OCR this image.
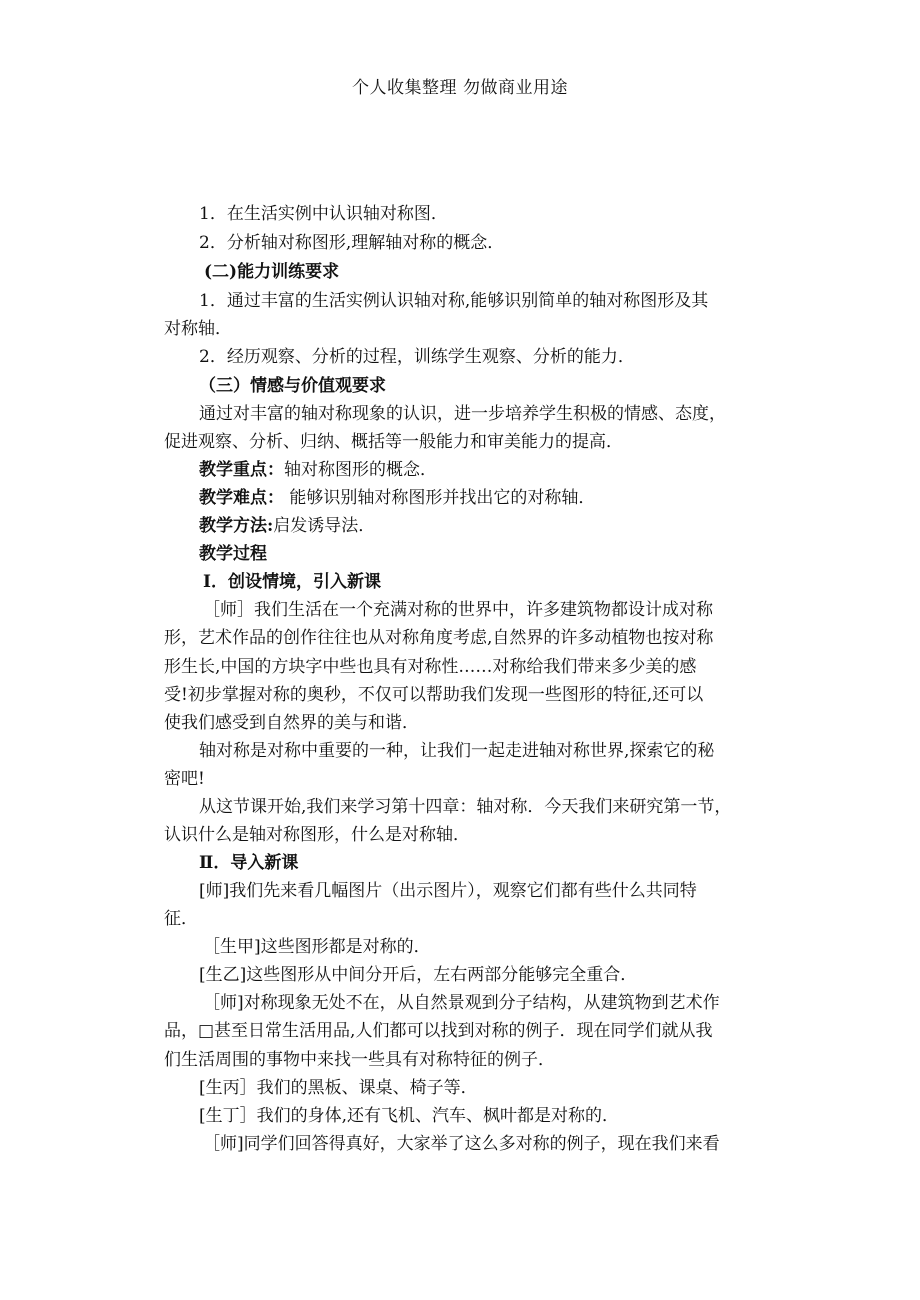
个人收集整理 勿做商业用途
1．在生活实例中认识轴对称图．
2．分析轴对称图形,理解轴对称的概念．
(二)能力训练要求
1．通过丰富的生活实例认识轴对称,能够识别简单的轴对称图形及其
对称轴．
2．经历观察、分析的过程，训练学生观察、分析的能力．
（三）情感与价值观要求
通过对丰富的轴对称现象的认识，进一步培养学生积极的情感、态度，
促进观察、分析、归纳、概括等一般能力和审美能力的提高．
教学重点：轴对称图形的概念．
教学难点： 能够识别轴对称图形并找出它的对称轴．
教学方法:启发诱导法．
教学过程
Ⅰ．创设情境，引入新课
［师］我们生活在一个充满对称的世界中，许多建筑物都设计成对称
形，艺术作品的创作往往也从对称角度考虑,自然界的许多动植物也按对称
形生长,中国的方块字中些也具有对称性……对称给我们带来多少美的感
受!初步掌握对称的奥秒，不仅可以帮助我们发现一些图形的特征,还可以
使我们感受到自然界的美与和谐．
轴对称是对称中重要的一种，让我们一起走进轴对称世界,探索它的秘
密吧!
从这节课开始,我们来学习第十四章：轴对称．今天我们来研究第一节，
认识什么是轴对称图形，什么是对称轴．
Ⅱ．导入新课
[师]我们先来看几幅图片（出示图片），观察它们都有些什么共同特
征．
［生甲]这些图形都是对称的．
[生乙]这些图形从中间分开后，左右两部分能够完全重合．
［师]对称现象无处不在，从自然景观到分子结构，从建筑物到艺术作
品，□甚至日常生活用品,人们都可以找到对称的例子．现在同学们就从我
们生活周围的事物中来找一些具有对称特征的例子．
[生丙］我们的黑板、课桌、椅子等．
[生丁］我们的身体,还有飞机、汽车、枫叶都是对称的．
［师]同学们回答得真好，大家举了这么多对称的例子，现在我们来看
